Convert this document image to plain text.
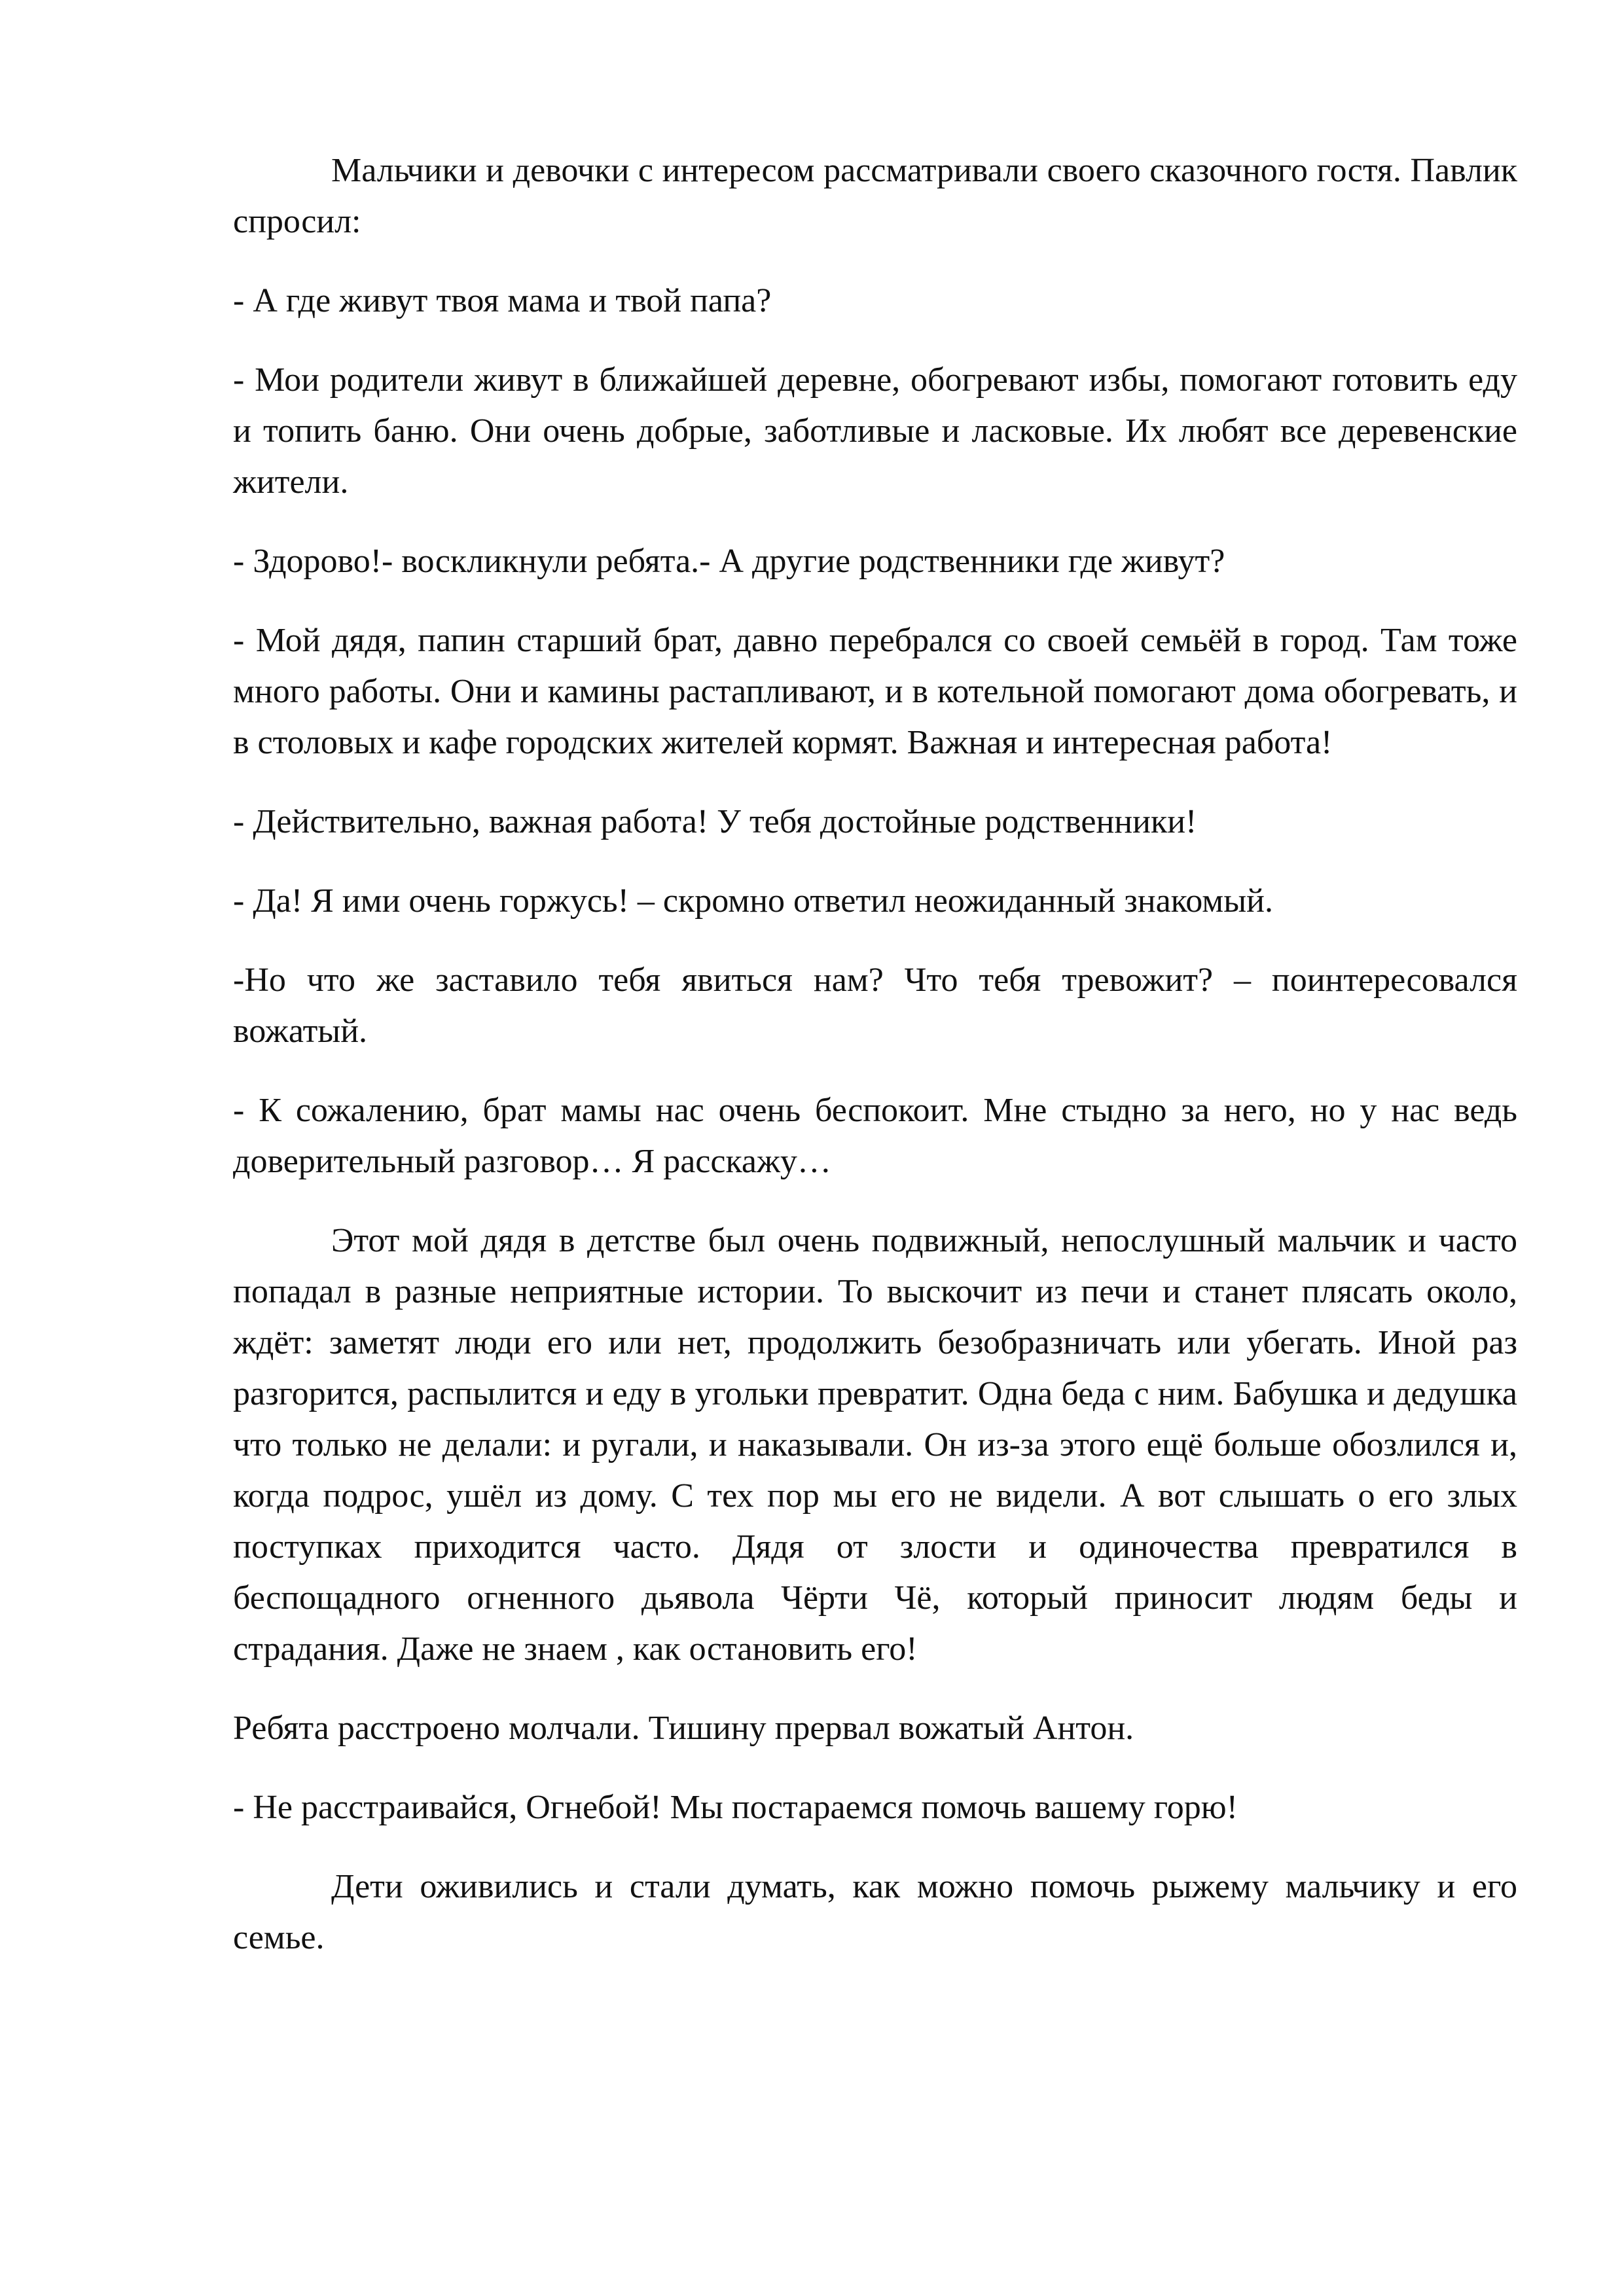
Мальчики и девочки с интересом рассматривали своего сказочного гостя. Павлик спросил:

- А где живут твоя мама и твой папа?

- Мои родители живут в ближайшей деревне, обогревают избы, помогают готовить еду и топить баню. Они очень добрые, заботливые и ласковые. Их любят все деревенские жители.

- Здорово!- воскликнули ребята.- А другие родственники где живут?

- Мой дядя, папин старший брат, давно перебрался со своей семьёй в город. Там тоже много работы. Они и камины растапливают, и в котельной помогают дома обогревать, и в столовых и кафе городских жителей кормят. Важная и интересная работа!

- Действительно, важная работа! У тебя достойные родственники!

- Да! Я ими очень горжусь! – скромно ответил неожиданный знакомый.

-Но что же заставило тебя явиться нам? Что тебя тревожит? – поинтересовался вожатый.

- К сожалению, брат мамы нас очень беспокоит. Мне стыдно за него, но у нас ведь доверительный разговор… Я расскажу…

Этот мой дядя в детстве был очень подвижный, непослушный мальчик и часто попадал в разные неприятные истории. То выскочит из печи и станет плясать около, ждёт: заметят люди его или нет, продолжить безобразничать или убегать. Иной раз разгорится, распылится и еду в угольки превратит. Одна беда с ним. Бабушка и дедушка что только не делали: и ругали, и наказывали. Он из-за этого ещё больше обозлился и, когда подрос, ушёл из дому. С тех пор мы его не видели. А вот слышать о его злых поступках приходится часто. Дядя от злости и одиночества превратился в беспощадного огненного дьявола Чёрти Чё, который приносит людям беды и страдания. Даже не знаем , как остановить его!

Ребята расстроено молчали. Тишину прервал вожатый Антон.

- Не расстраивайся, Огнебой! Мы постараемся помочь вашему горю!

Дети оживились и стали думать, как можно помочь рыжему мальчику и его семье.
